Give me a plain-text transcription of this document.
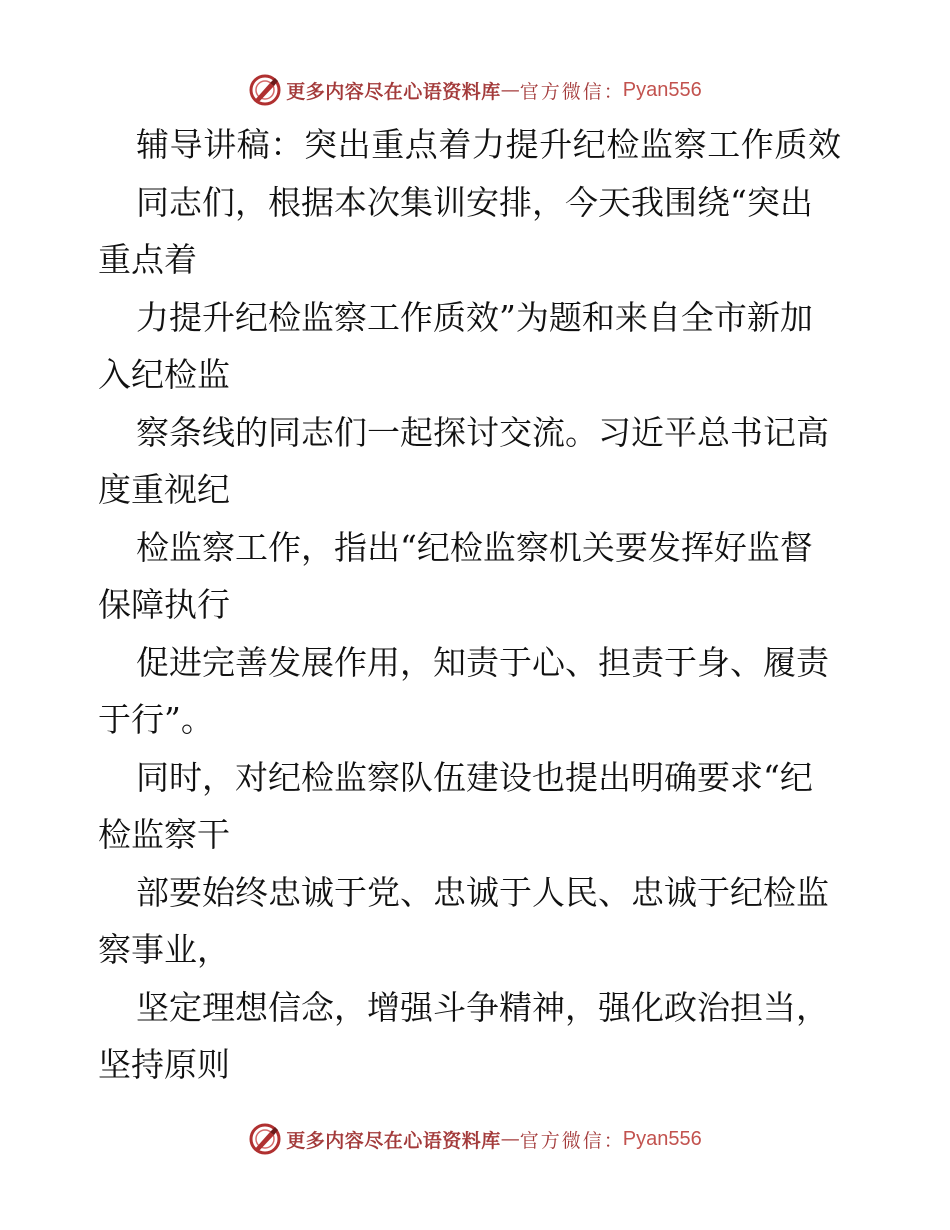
更多内容尽在心语资料库 — 官方微信 ： Pyan556
辅导讲稿：突出重点着力提升纪检监察工作质效
同志们，根据本次集训安排，今天我围绕“突出
重点着
力提升纪检监察工作质效”为题和来自全市新加
入纪检监
察条线的同志们一起探讨交流。习近平总书记高
度重视纪
检监察工作，指出“纪检监察机关要发挥好监督
保障执行
促进完善发展作用，知责于心、担责于身、履责
于行”。
同时，对纪检监察队伍建设也提出明确要求“纪
检监察干
部要始终忠诚于党、忠诚于人民、忠诚于纪检监
察事业，
坚定理想信念，增强斗争精神，强化政治担当，
坚持原则
更多内容尽在心语资料库 — 官方微信 ： Pyan556
